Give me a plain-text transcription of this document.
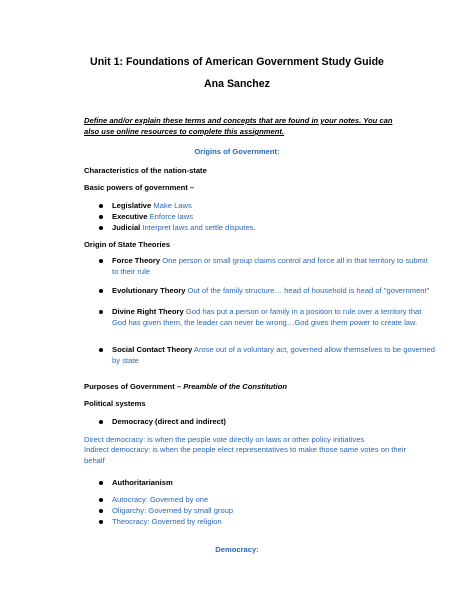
Unit 1: Foundations of American Government Study Guide
Ana Sanchez
Define and/or explain these terms and concepts that are found in your notes. You can also use online resources to complete this assignment.
Origins of Government:
Characteristics of the nation-state
Basic powers of government –
Legislative Make Laws
Executive Enforce laws
Judicial Interpret laws and settle disputes.
Origin of State Theories
Force Theory One person or small group claims control and force all in that territory to submit
to their rule
Evolutionary Theory Out of the family structure… head of household is head of "government"
Divine Right Theory God has put a person or family in a position to rule over a territory that
God has given them, the leader can never be wrong…God gives them power to create law.
Social Contact Theory Arose out of a voluntary act, governed allow themselves to be governed
by state
Purposes of Government – Preamble of the Constitution
Political systems
Democracy (direct and indirect)
Direct democracy: is when the people vote directly on laws or other policy initiatives
Indirect democracy: is when the people elect representatives to make those same votes on their
behalf
Authoritarianism
Autocracy: Governed by one
Oligarchy: Governed by small group
Theocracy: Governed by religion
Democracy:
